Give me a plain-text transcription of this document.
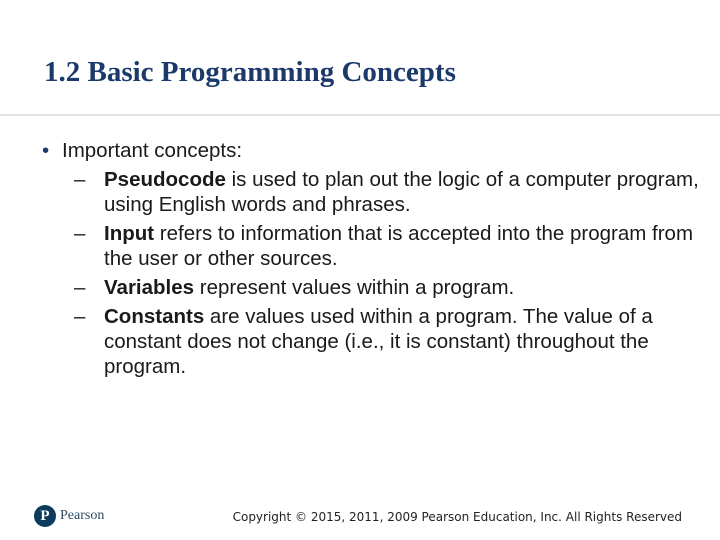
1.2 Basic Programming Concepts
• Important concepts:
– Pseudocode is used to plan out the logic of a computer program, using English words and phrases.
– Input refers to information that is accepted into the program from the user or other sources.
– Variables represent values within a program.
– Constants are values used within a program. The value of a constant does not change (i.e., it is constant) throughout the program.
P Pearson	Copyright © 2015, 2011, 2009 Pearson Education, Inc. All Rights Reserved
